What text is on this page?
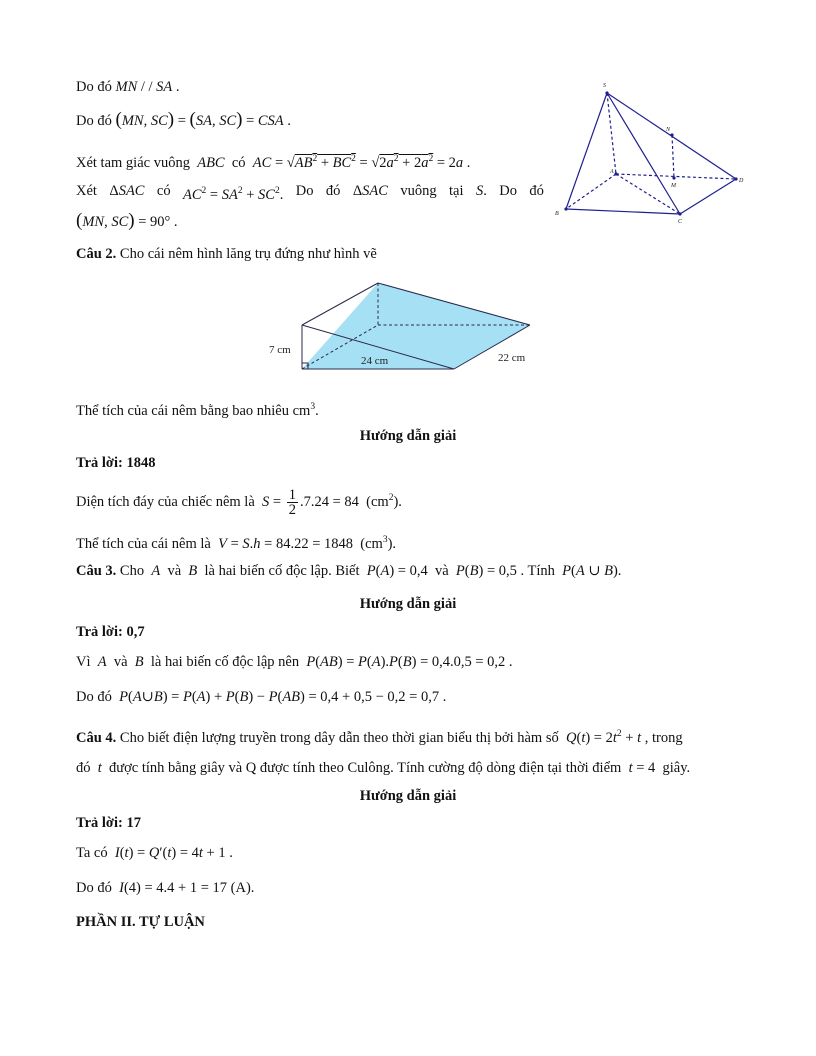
Do đó MN / / SA .
Do đó (MN, SC) = (SA, SC) = CSA .
Xét tam giác vuông  ABC  có  AC = $√AB^2 + BC^2 = √2a^2 + 2a^2 = 2a$ .
Xét ΔSAC có $AC^2 = SA^2 + SC^2$. Do đó ΔSAC vuông tại S. Do đó
(MN, SC) = 90° .
S
N
A
M
D
B
C
Câu 2. Cho cái nêm hình lăng trụ đứng như hình vẽ
7 cm
24 cm	22 cm
Thể tích của cái nêm bằng bao nhiêu $cm^3$.
Hướng dẫn giải
Trả lời: 1848
Diện tích đáy của chiếc nêm là  $S = \frac{1}{2} .7.24 = 84$  $(cm^2)$.
Thể tích của cái nêm là  V = S.h = 84.22 = 1848  $(cm^3)$.
Câu 3. Cho  A  và  B  là hai biến cố độc lập. Biết  P(A) = 0,4  và  P(B) = 0,5 . Tính  P(A ∪ B).
Hướng dẫn giải
Trả lời: 0,7
Vì  A  và  B  là hai biến cố độc lập nên  P(AB) = P(A).P(B) = 0,4.0,5 = 0,2 .
Do đó  P(A∪B) = P(A) + P(B) − P(AB) = 0,4 + 0,5 − 0,2 = 0,7 .
Câu 4. Cho biết điện lượng truyền trong dây dẫn theo thời gian biểu thị bởi hàm số  $Q(t) = 2t^2 + t$ , trong
đó  t  được tính bằng giây và Q được tính theo Culông. Tính cường độ dòng điện tại thời điểm  t = 4  giây.
Hướng dẫn giải
Trả lời: 17
Ta có  I(t) = Q′(t) = 4t + 1 .
Do đó  I(4) = 4.4 + 1 = 17 (A).
PHẦN II. TỰ LUẬN
